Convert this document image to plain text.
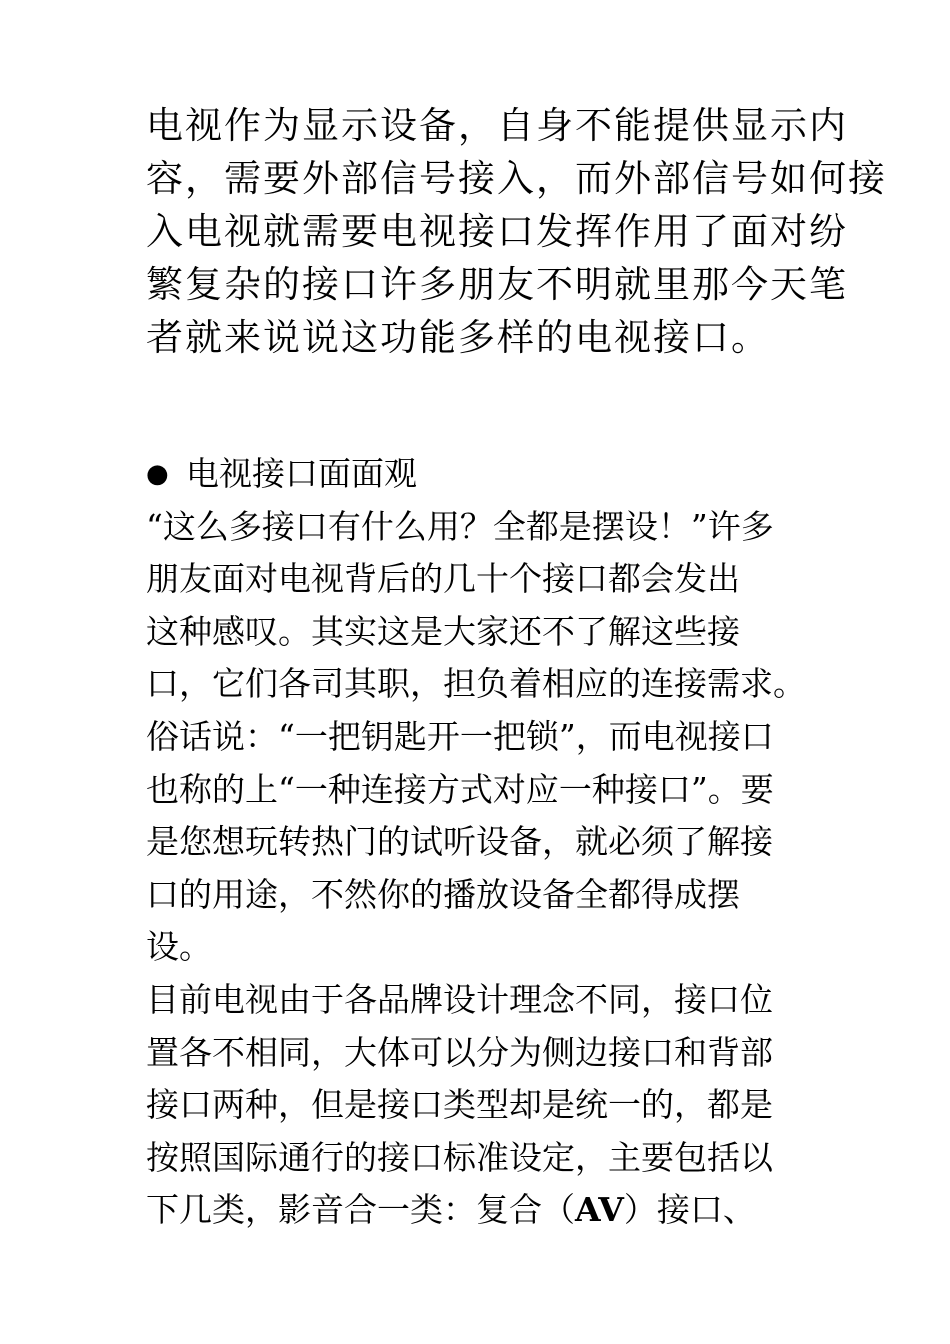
电视作为显示设备，自身不能提供显示内
容，需要外部信号接入，而外部信号如何接
入电视就需要电视接口发挥作用了面对纷
繁复杂的接口许多朋友不明就里那今天笔
者就来说说这功能多样的电视接口。
● 电视接口面面观
“这么多接口有什么用？全都是摆设！”许多
朋友面对电视背后的几十个接口都会发出
这种感叹。其实这是大家还不了解这些接
口，它们各司其职，担负着相应的连接需求。
俗话说：“一把钥匙开一把锁”，而电视接口
也称的上“一种连接方式对应一种接口”。要
是您想玩转热门的试听设备，就必须了解接
口的用途，不然你的播放设备全都得成摆
设。
目前电视由于各品牌设计理念不同，接口位
置各不相同，大体可以分为侧边接口和背部
接口两种，但是接口类型却是统一的，都是
按照国际通行的接口标准设定，主要包括以
下几类，影音合一类：复合（AV）接口、
